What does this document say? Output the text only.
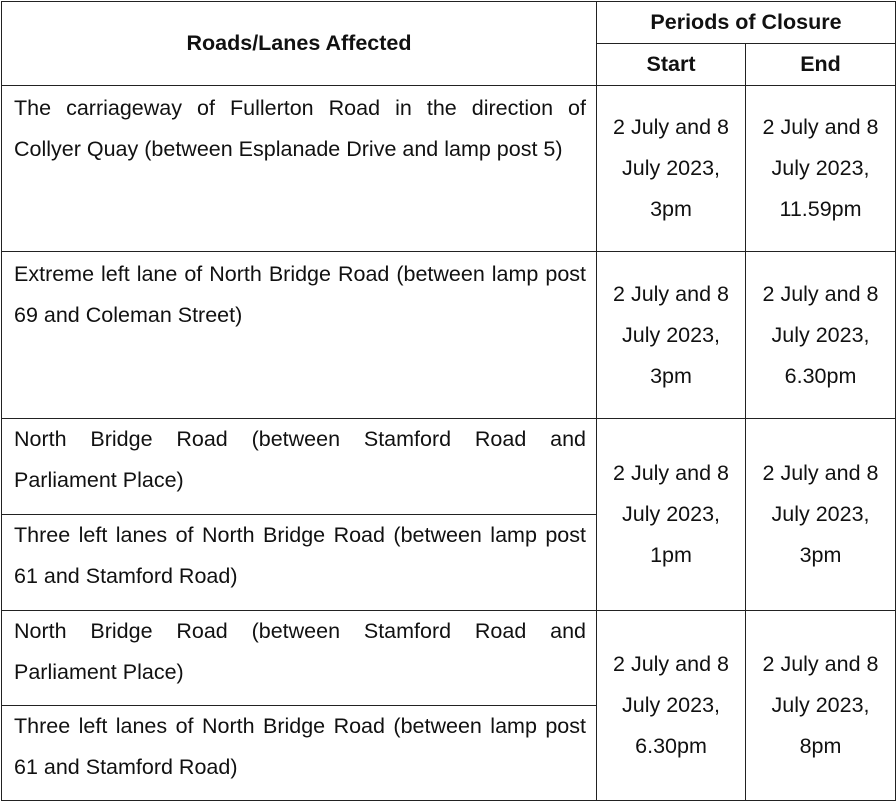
Roads/Lanes Affected	Periods of Closure	
	Start	End

The carriageway of Fullerton Road in the direction of Collyer Quay (between Esplanade Drive and lamp post 5)	2 July and 8 July 2023, 3pm	2 July and 8 July 2023, 11.59pm

Extreme left lane of North Bridge Road (between lamp post 69 and Coleman Street)	2 July and 8 July 2023, 3pm	2 July and 8 July 2023, 6.30pm

North Bridge Road (between Stamford Road and Parliament Place)	2 July and 8 July 2023, 1pm	2 July and 8 July 2023, 3pm

Three left lanes of North Bridge Road (between lamp post 61 and Stamford Road)		

North Bridge Road (between Stamford Road and Parliament Place)	2 July and 8 July 2023, 6.30pm	2 July and 8 July 2023, 8pm

Three left lanes of North Bridge Road (between lamp post 61 and Stamford Road)		
